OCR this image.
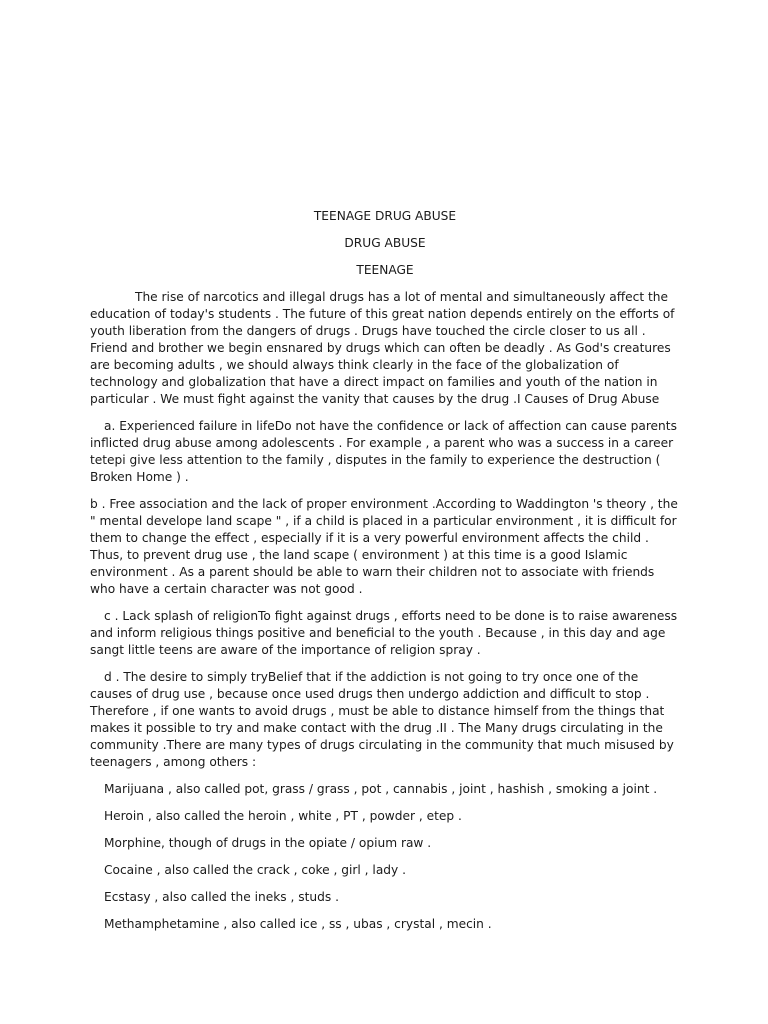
TEENAGE DRUG ABUSE
DRUG ABUSE
TEENAGE

The rise of narcotics and illegal drugs has a lot of mental and simultaneously affect the education of today's students . The future of this great nation depends entirely on the efforts of youth liberation from the dangers of drugs . Drugs have touched the circle closer to us all . Friend and brother we begin ensnared by drugs which can often be deadly . As God's creatures are becoming adults , we should always think clearly in the face of the globalization of technology and globalization that have a direct impact on families and youth of the nation in particular . We must fight against the vanity that causes by the drug .I Causes of Drug Abuse

a. Experienced failure in lifeDo not have the confidence or lack of affection can cause parents inflicted drug abuse among adolescents . For example , a parent who was a success in a career tetepi give less attention to the family , disputes in the family to experience the destruction ( Broken Home ) .

b . Free association and the lack of proper environment .According to Waddington 's theory , the " mental develope land scape " , if a child is placed in a particular environment , it is difficult for them to change the effect , especially if it is a very powerful environment affects the child . Thus, to prevent drug use , the land scape ( environment ) at this time is a good Islamic environment . As a parent should be able to warn their children not to associate with friends who have a certain character was not good .

c . Lack splash of religionTo fight against drugs , efforts need to be done is to raise awareness and inform religious things positive and beneficial to the youth . Because , in this day and age sangt little teens are aware of the importance of religion spray .

d . The desire to simply tryBelief that if the addiction is not going to try once one of the causes of drug use , because once used drugs then undergo addiction and difficult to stop . Therefore , if one wants to avoid drugs , must be able to distance himself from the things that makes it possible to try and make contact with the drug .II . The Many drugs circulating in the community .There are many types of drugs circulating in the community that much misused by teenagers , among others :

Marijuana , also called pot, grass / grass , pot , cannabis , joint , hashish , smoking a joint .
Heroin , also called the heroin , white , PT , powder , etep .
Morphine, though of drugs in the opiate / opium raw .
Cocaine , also called the crack , coke , girl , lady .
Ecstasy , also called the ineks , studs .
Methamphetamine , also called ice , ss , ubas , crystal , mecin .
